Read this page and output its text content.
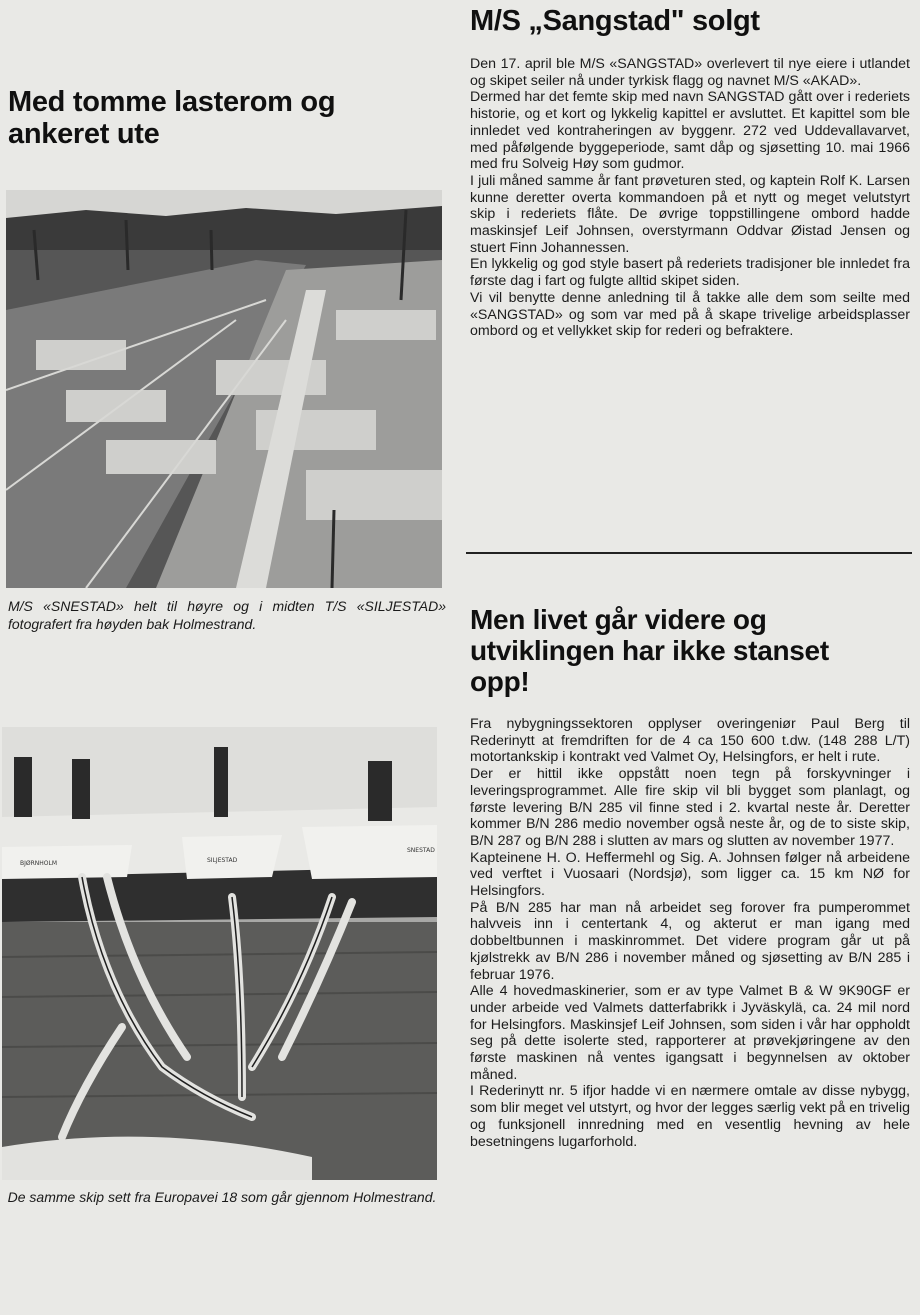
Med tomme lasterom og ankeret ute
M/S «SNESTAD» helt til høyre og i midten T/S «SILJESTAD» fotografert fra høyden bak Holmestrand.
BJØRNHOLM	SILJESTAD
SNESTAD
De samme skip sett fra Europavei 18 som går gjennom Holmestrand.
M/S „Sangstad" solgt

Den 17. april ble M/S «SANGSTAD» overlevert til nye eiere i utlandet og skipet seiler nå under tyrkisk flagg og navnet M/S «AKAD».

Dermed har det femte skip med navn SANGSTAD gått over i rederiets historie, og et kort og lykkelig kapittel er avsluttet. Et kapittel som ble innledet ved kontraheringen av byggenr. 272 ved Uddevallavarvet, med påfølgende byggeperiode, samt dåp og sjøsetting 10. mai 1966 med fru Solveig Høy som gudmor.

I juli måned samme år fant prøveturen sted, og kaptein Rolf K. Larsen kunne deretter overta kommandoen på et nytt og meget velutstyrt skip i rederiets flåte. De øvrige toppstillingene ombord hadde maskinsjef Leif Johnsen, overstyrmann Oddvar Øistad Jensen og stuert Finn Johannessen.

En lykkelig og god style basert på rederiets tradisjoner ble innledet fra første dag i fart og fulgte alltid skipet siden.

Vi vil benytte denne anledning til å takke alle dem som seilte med «SANGSTAD» og som var med på å skape trivelige arbeidsplasser ombord og et vellykket skip for rederi og befraktere.

Men livet går videre og utviklingen har ikke stanset opp!

Fra nybygningssektoren opplyser overingeniør Paul Berg til Rederinytt at fremdriften for de 4 ca 150 600 t.dw. (148 288 L/T) motortankskip i kontrakt ved Valmet Oy, Helsingfors, er helt i rute.

Der er hittil ikke oppstått noen tegn på forskyvninger i leveringsprogrammet. Alle fire skip vil bli bygget som planlagt, og første levering B/N 285 vil finne sted i 2. kvartal neste år. Deretter kommer B/N 286 medio november også neste år, og de to siste skip, B/N 287 og B/N 288 i slutten av mars og slutten av november 1977.

Kapteinene H. O. Heffermehl og Sig. A. Johnsen følger nå arbeidene ved verftet i Vuosaari (Nordsjø), som ligger ca. 15 km NØ for Helsingfors.

På B/N 285 har man nå arbeidet seg forover fra pumperommet halvveis inn i centertank 4, og akterut er man igang med dobbeltbunnen i maskinrommet. Det videre program går ut på kjølstrekk av B/N 286 i november måned og sjøsetting av B/N 285 i februar 1976.

Alle 4 hovedmaskinerier, som er av type Valmet B & W 9K90GF er under arbeide ved Valmets datterfabrikk i Jyväskylä, ca. 24 mil nord for Helsingfors. Maskinsjef Leif Johnsen, som siden i vår har oppholdt seg på dette isolerte sted, rapporterer at prøvekjøringene av den første maskinen nå ventes igangsatt i begynnelsen av oktober måned.

I Rederinytt nr. 5 ifjor hadde vi en nærmere omtale av disse nybygg, som blir meget vel utstyrt, og hvor der legges særlig vekt på en trivelig og funksjonell innredning med en vesentlig hevning av hele besetningens lugarforhold.
